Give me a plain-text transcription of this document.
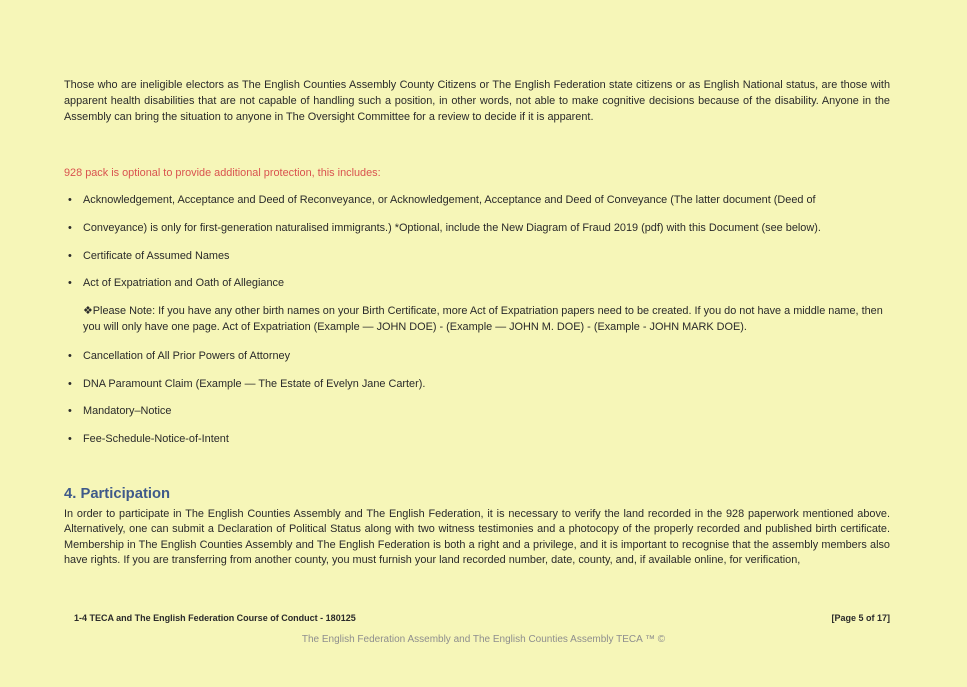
Those who are ineligible electors as The English Counties Assembly County Citizens or The English Federation state citizens or as English National status, are those with apparent health disabilities that are not capable of handling such a position, in other words, not able to make cognitive decisions because of the disability. Anyone in the Assembly can bring the situation to anyone in The Oversight Committee for a review to decide if it is apparent.

928 pack is optional to provide additional protection, this includes:

•	Acknowledgement, Acceptance and Deed of Reconveyance, or Acknowledgement, Acceptance and Deed of Conveyance (The latter document (Deed of
•	Conveyance) is only for first-generation naturalised immigrants.) *Optional, include the New Diagram of Fraud 2019 (pdf) with this Document (see below).
•	Certificate of Assumed Names
•	Act of Expatriation and Oath of Allegiance
❖Please Note: If you have any other birth names on your Birth Certificate, more Act of Expatriation papers need to be created. If you do not have a middle name, then you will only have one page. Act of Expatriation (Example — JOHN DOE) - (Example — JOHN M. DOE) - (Example - JOHN MARK DOE).
•	Cancellation of All Prior Powers of Attorney
•	DNA Paramount Claim (Example — The Estate of Evelyn Jane Carter).
•	Mandatory–Notice
•	Fee-Schedule-Notice-of-Intent
4. Participation

In order to participate in The English Counties Assembly and The English Federation, it is necessary to verify the land recorded in the 928 paperwork mentioned above. Alternatively, one can submit a Declaration of Political Status along with two witness testimonies and a photocopy of the properly recorded and published birth certificate. Membership in The English Counties Assembly and The English Federation is both a right and a privilege, and it is important to recognise that the assembly members also have rights. If you are transferring from another county, you must furnish your land recorded number, date, county, and, if available online, for verification,

1-4 TECA and The English Federation Course of Conduct - 180125	[Page 5 of 17]
The English Federation Assembly and The English Counties Assembly TECA ™ ©
